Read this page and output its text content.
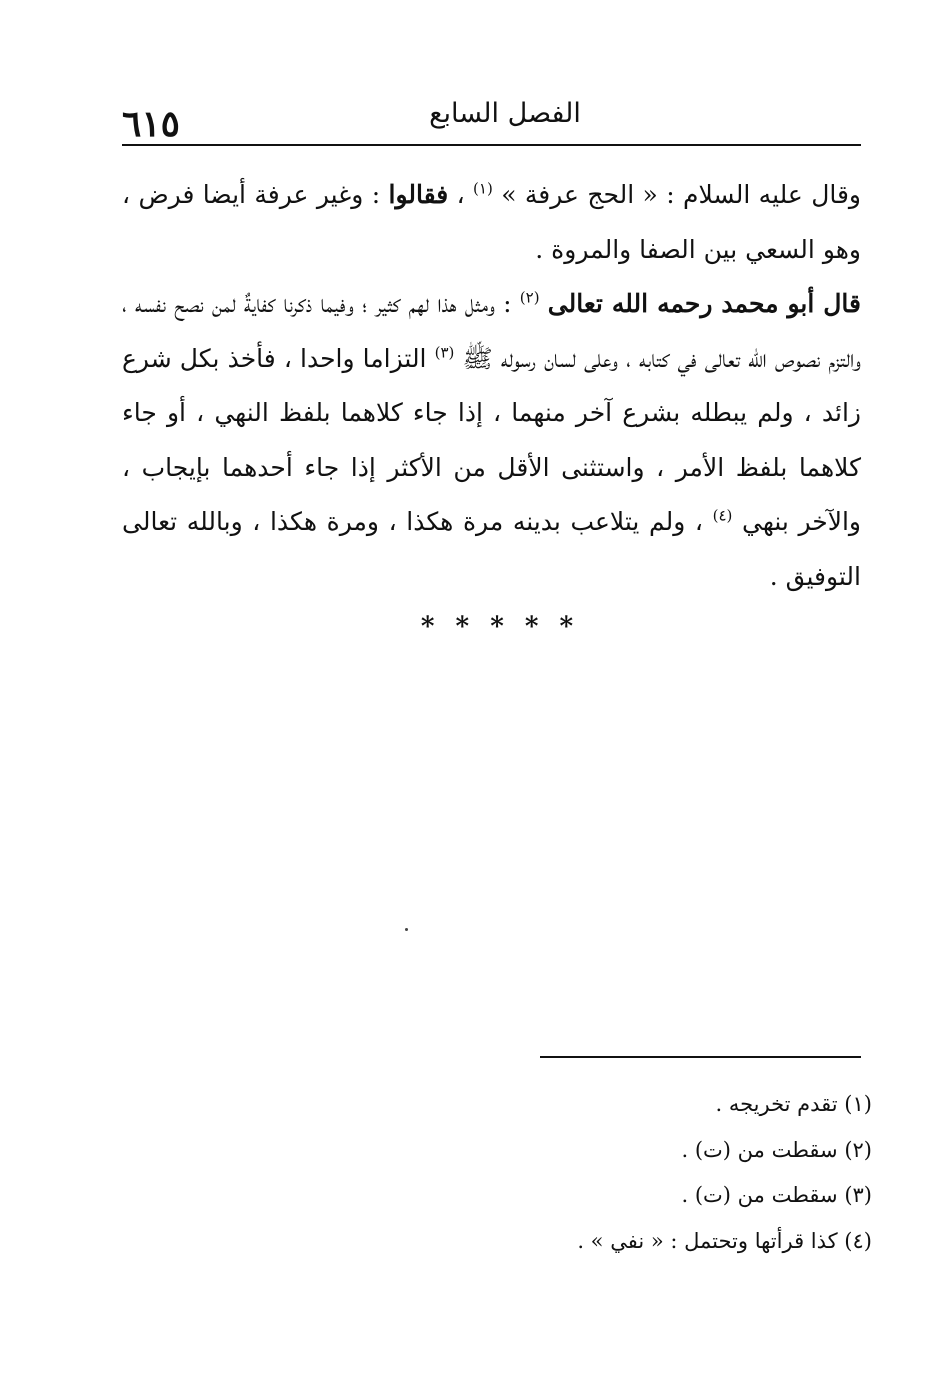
٦١٥	الفصل السابع

وقال عليه السلام : « الحج عرفة » $^{(١)}$ ، فقالوا : وغير عرفة أيضا فرض ، وهو السعي بين الصفا والمروة .

قال أبو محمد رحمه الله تعالى $^{(٢)}$ : ومثل هذا لهم كثير ؛ وفيما ذكرنا كفايةٌ لمن نصح نفسه ، والتزم نصوص الله تعالى في كتابه ، وعلى لسان رسوله ﷺ $^{(٣)}$ التزاما واحدا ، فأخذ بكل شرع زائد ، ولم يبطله بشرع آخر منهما ، إذا جاء كلاهما بلفظ النهي ، أو جاء كلاهما بلفظ الأمر ، واستثنى الأقل من الأكثر إذا جاء أحدهما بإيجاب ، والآخر بنهي $^{(٤)}$ ، ولم يتلاعب بدينه مرة هكذا ، ومرة هكذا ، وبالله تعالى التوفيق .

* * * * *
(١) تقدم تخريجه .
(٢) سقطت من (ت) .
(٣) سقطت من (ت) .
(٤) كذا قرأتها وتحتمل : « نفي » .
